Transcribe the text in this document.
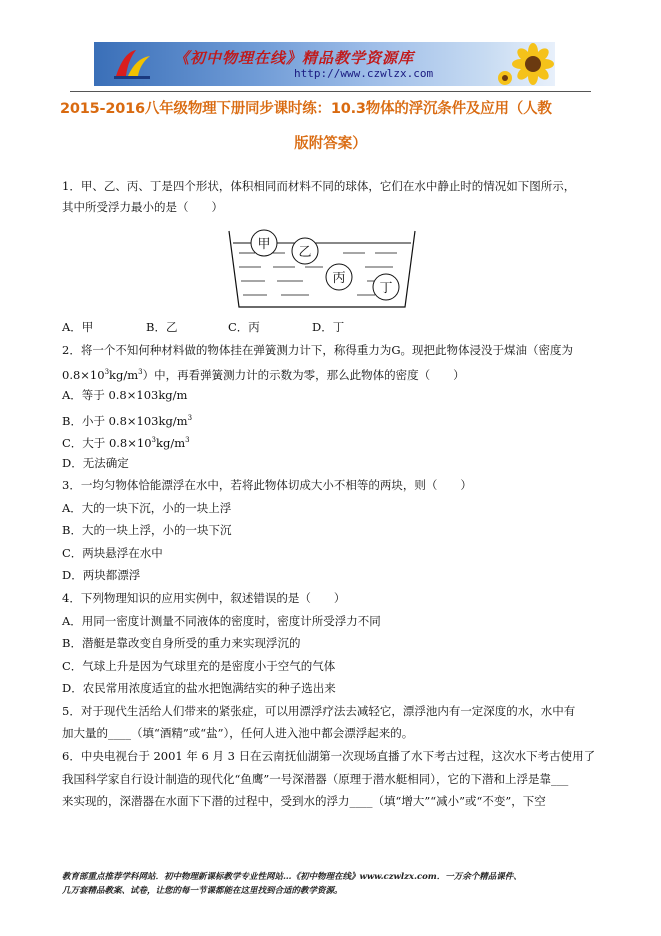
《初中物理在线》精品教学资源库
http://www.czwlzx.com
2015-2016八年级物理下册同步课时练：10.3物体的浮沉条件及应用（人教
版附答案）
1．甲、乙、丙、丁是四个形状，体积相同而材料不同的球体，它们在水中静止时的情况如下图所示，
其中所受浮力最小的是（　　）
甲
乙
丙
丁
A．甲	B．乙	C．丙	D．丁
2．将一个不知何种材料做的物体挂在弹簧测力计下，称得重力为G。现把此物体浸没于煤油（密度为
$0.8\times 10^3kg/m^3$）中，再看弹簧测力计的示数为零，那么此物体的密度（　　）
A．等于 0.8×103kg/m
B．小于 $0.8\times 103kg/m^3$
C．大于 $0.8\times 10^3kg/m^3$
D．无法确定
3．一均匀物体恰能漂浮在水中，若将此物体切成大小不相等的两块，则（　　）
A．大的一块下沉，小的一块上浮
B．大的一块上浮，小的一块下沉
C．两块悬浮在水中
D．两块都漂浮
4．下列物理知识的应用实例中，叙述错误的是（　　）
A．用同一密度计测量不同液体的密度时，密度计所受浮力不同
B．潜艇是靠改变自身所受的重力来实现浮沉的
C．气球上升是因为气球里充的是密度小于空气的气体
D．农民常用浓度适宜的盐水把饱满结实的种子选出来
5．对于现代生活给人们带来的紧张症，可以用漂浮疗法去减轻它，漂浮池内有一定深度的水，水中有
加大量的____（填“酒精”或“盐”），任何人进入池中都会漂浮起来的。
6．中央电视台于 2001 年 6 月 3 日在云南抚仙湖第一次现场直播了水下考古过程，这次水下考古使用了
我国科学家自行设计制造的现代化“鱼鹰”一号深潜器（原理于潜水艇相同），它的下潜和上浮是靠___
来实现的，深潜器在水面下下潜的过程中，受到水的浮力____（填“增大”“减小”或“不变”，下空
教育部重点推荐学科网站．初中物理新课标教学专业性网站…《初中物理在线》www.czwlzx.com．一万余个精品课件、
几万套精品教案、试卷，让您的每一节课都能在这里找到合适的教学资源。
